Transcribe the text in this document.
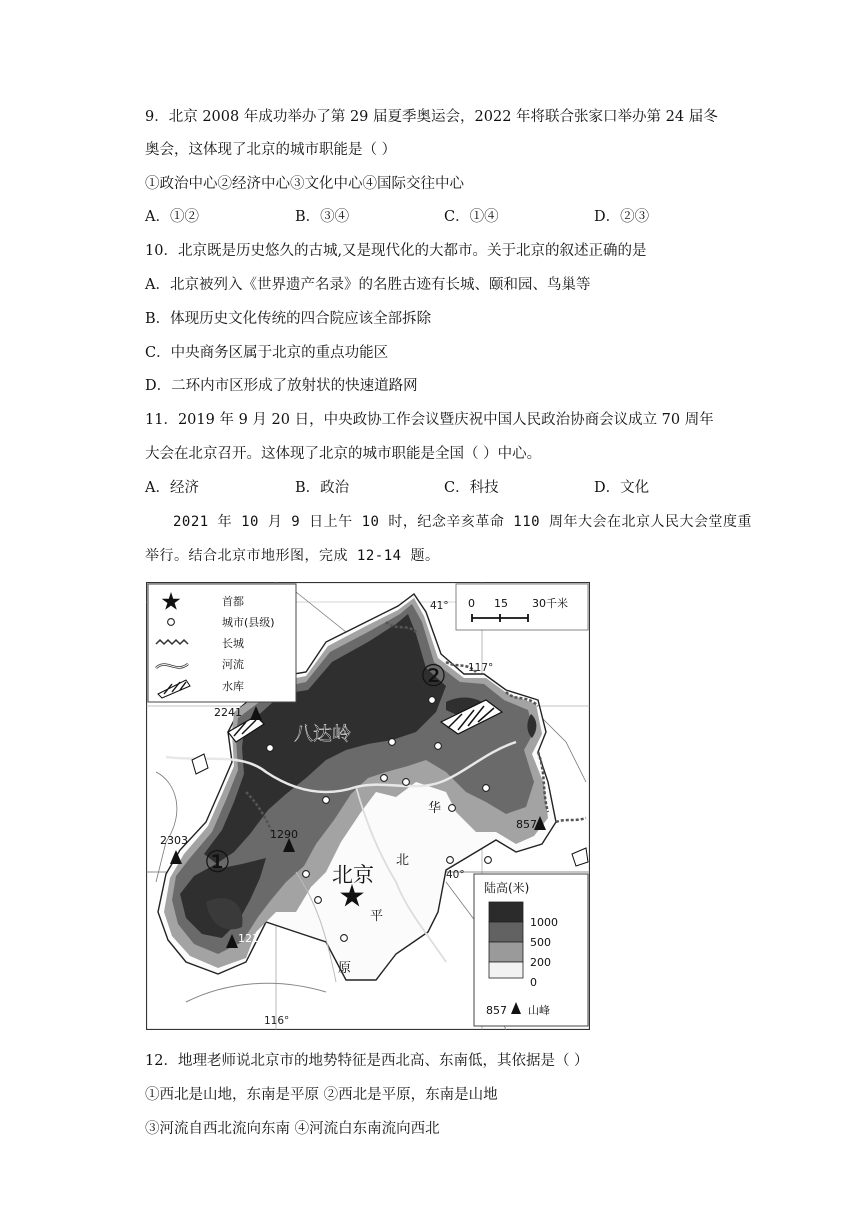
9．北京 2008 年成功举办了第 29 届夏季奥运会，2022 年将联合张家口举办第 24 届冬
奥会，这体现了北京的城市职能是（ ）
①政治中心②经济中心③文化中心④国际交往中心
A．①②	B．③④	C．①④	D．②③
10．北京既是历史悠久的古城,又是现代化的大都市。关于北京的叙述正确的是
A．北京被列入《世界遗产名录》的名胜古迹有长城、颐和园、鸟巢等
B．体现历史文化传统的四合院应该全部拆除
C．中央商务区属于北京的重点功能区
D．二环内市区形成了放射状的快速道路网
11．2019 年 9 月 20 日，中央政协工作会议暨庆祝中国人民政治协商会议成立 70 周年
大会在北京召开。这体现了北京的城市职能是全国（ ）中心。
A．经济	B．政治	C．科技	D．文化
2021 年 10 月 9 日上午 10 时，纪念辛亥革命 110 周年大会在北京人民大会堂度重
举行。结合北京市地形图，完成 12-14 题。
首都
城市(县级)
长城
河流
水库
0 15 30千米
41°
117°
40°
116°
2241
2303	1290
1210
857
八达岭
北京
华
北
平
原
①
②
陆高(米)
1000
500
200
0
857 山峰
12．地理老师说北京市的地势特征是西北高、东南低，其依据是（ ）
①西北是山地，东南是平原 ②西北是平原，东南是山地
③河流自西北流向东南 ④河流白东南流向西北
